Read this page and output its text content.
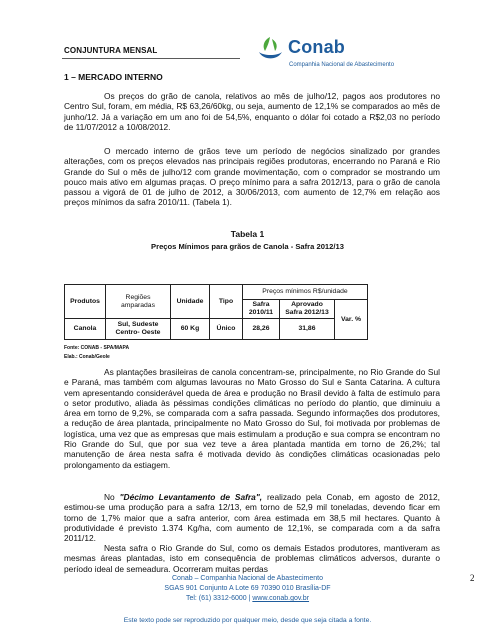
CONJUNTURA MENSAL	Conab
Companhia Nacional de Abastecimento
1 – MERCADO INTERNO

Os preços do grão de canola, relativos ao mês de julho/12, pagos aos produtores no Centro Sul, foram, em média, R$ 63,26/60kg, ou seja, aumento de 12,1% se comparados ao mês de junho/12. Já a variação em um ano foi de 54,5%, enquanto o dólar foi cotado a R$2,03 no período de 11/07/2012 a 10/08/2012.

O mercado interno de grãos teve um período de negócios sinalizado por grandes alterações, com os preços elevados nas principais regiões produtoras, encerrando no Paraná e Rio Grande do Sul o mês de julho/12 com grande movimentação, com o comprador se mostrando um pouco mais ativo em algumas praças. O preço mínimo para a safra 2012/13, para o grão de canola passou a vigorá de 01 de julho de 2012, a 30/06/2013, com aumento de 12,7% em relação aos preços mínimos da safra 2010/11. (Tabela 1).

Tabela 1
Preços Mínimos para grãos de Canola - Safra 2012/13
Produtos	Regiões amparadas	Unidade	Tipo	Preços mínimos R$/unidade		
				Safra 2010/11	Aprovado Safra 2012/13	Var. %
Canola	Sul, Sudeste Centro- Oeste	60 Kg	Único	28,26	31,86	
Fonte: CONAB - SPA/MAPA
Elab.: Conab/Geole

As plantações brasileiras de canola concentram-se, principalmente, no Rio Grande do Sul e Paraná, mas também com algumas lavouras no Mato Grosso do Sul e Santa Catarina. A cultura vem apresentando considerável queda de área e produção no Brasil devido à falta de estímulo para o setor produtivo, aliada às péssimas condições climáticas no período do plantio, que diminuiu a área em torno de 9,2%, se comparada com a safra passada. Segundo informações dos produtores, a redução de área plantada, principalmente no Mato Grosso do Sul, foi motivada por problemas de logística, uma vez que as empresas que mais estimulam a produção e sua compra se encontram no Rio Grande do Sul, que por sua vez teve a área plantada mantida em torno de 26,2%; tal manutenção de área nesta safra é motivada devido às condições climáticas ocasionadas pelo prolongamento da estiagem.

No "Décimo Levantamento de Safra", realizado pela Conab, em agosto de 2012, estimou-se uma produção para a safra 12/13, em torno de 52,9 mil toneladas, devendo ficar em torno de 1,7% maior que a safra anterior, com área estimada em 38,5 mil hectares. Quanto à produtividade é previsto 1.374 Kg/ha, com aumento de 12,1%, se comparada com a da safra 2011/12.

Nesta safra o Rio Grande do Sul, como os demais Estados produtores, mantiveram as mesmas áreas plantadas, isto em consequência de problemas climáticos adversos, durante o período ideal de semeadura. Ocorreram muitas perdas

2
Conab – Companhia Nacional de Abastecimento
SGAS 901 Conjunto A Lote 69 70390 010 Brasília-DF
Tel: (61) 3312-6000 | www.conab.gov.br
Este texto pode ser reproduzido por qualquer meio, desde que seja citada a fonte.
